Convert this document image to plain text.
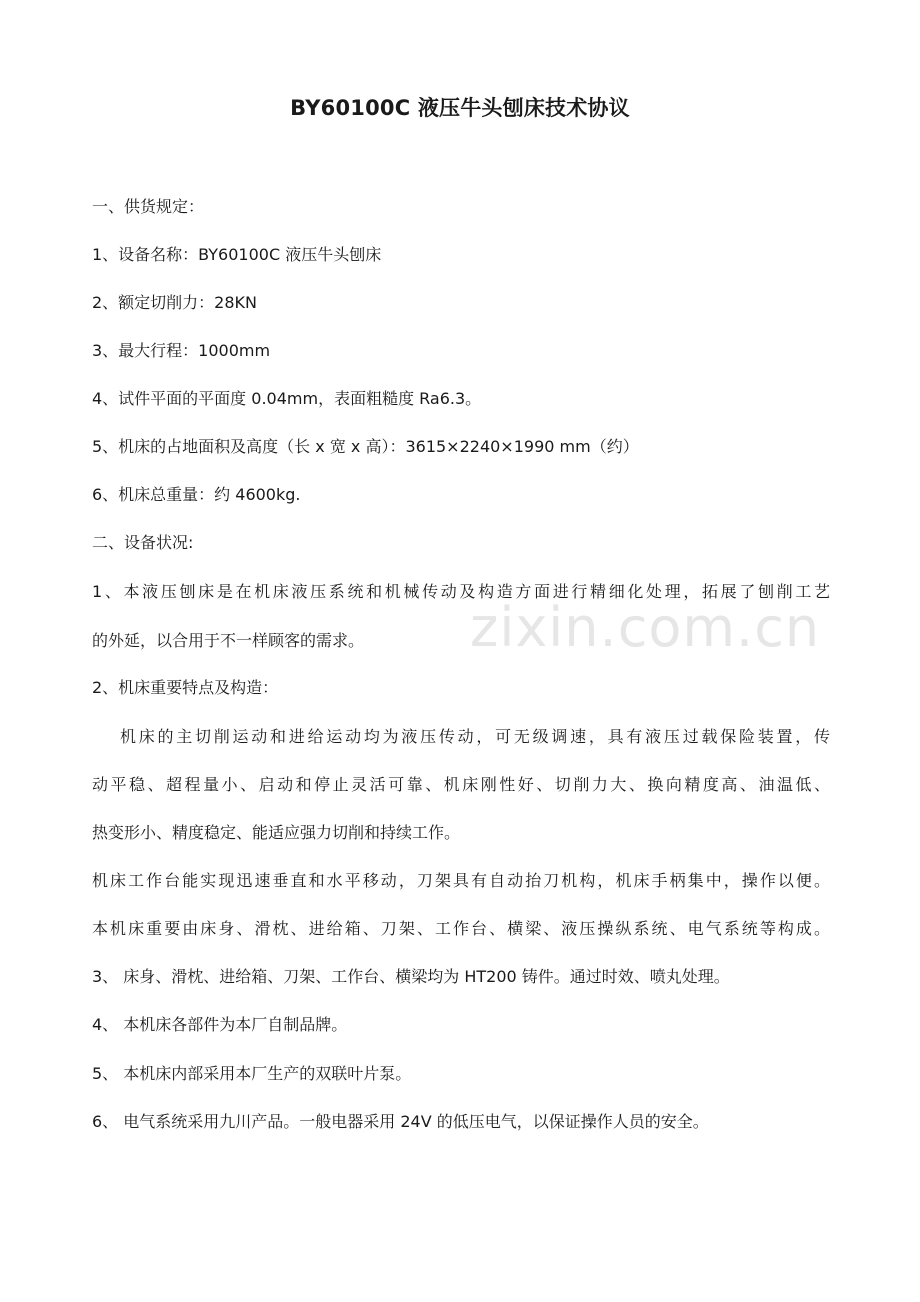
zixin.com.cn
BY60100C 液压牛头刨床技术协议
一、供货规定：
1、设备名称：BY60100C 液压牛头刨床
2、额定切削力：28KN
3、最大行程：1000mm
4、试件平面的平面度 0.04mm，表面粗糙度 Ra6.3。
5、机床的占地面积及高度（长 x 宽 x 高）：3615×2240×1990 mm（约）
6、机床总重量：约 4600kg.
二、设备状况:
1、本液压刨床是在机床液压系统和机械传动及构造方面进行精细化处理，拓展了刨削工艺
的外延，以合用于不一样顾客的需求。
2、机床重要特点及构造：
机床的主切削运动和进给运动均为液压传动，可无级调速，具有液压过载保险装置，传
动平稳、超程量小、启动和停止灵活可靠、机床刚性好、切削力大、换向精度高、油温低、
热变形小、精度稳定、能适应强力切削和持续工作。
机床工作台能实现迅速垂直和水平移动，刀架具有自动抬刀机构，机床手柄集中，操作以便。
本机床重要由床身、滑枕、进给箱、刀架、工作台、横梁、液压操纵系统、电气系统等构成。
3、 床身、滑枕、进给箱、刀架、工作台、横梁均为 HT200 铸件。通过时效、喷丸处理。
4、 本机床各部件为本厂自制品牌。
5、 本机床内部采用本厂生产的双联叶片泵。
6、 电气系统采用九川产品。一般电器采用 24V 的低压电气，以保证操作人员的安全。
